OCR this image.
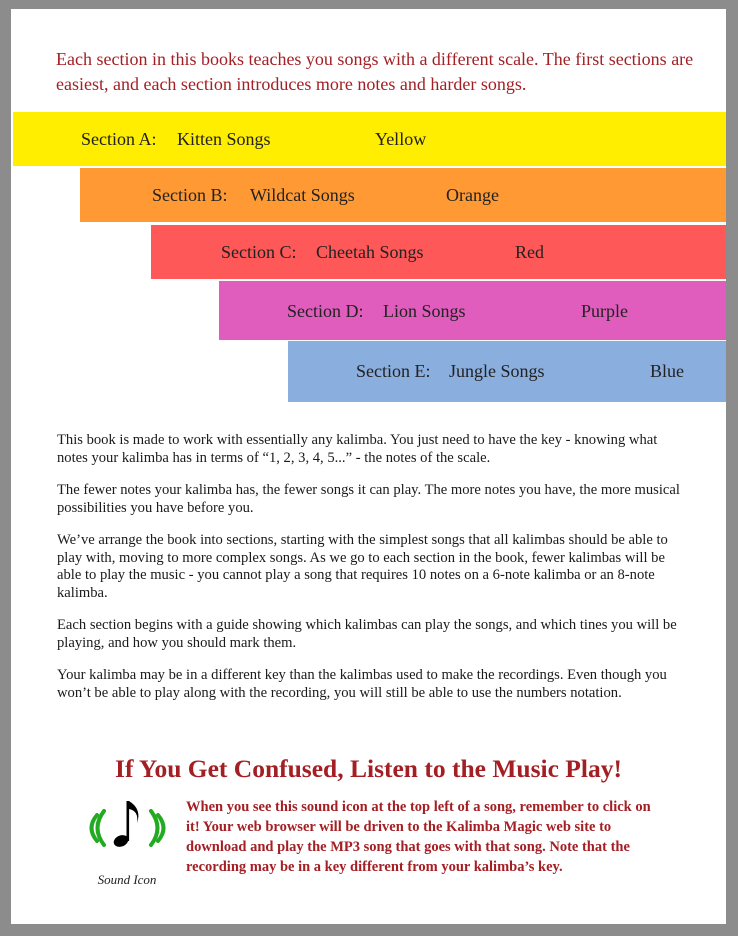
Each section in this books teaches you songs with a different scale. The first sections are easiest, and each section introduces more notes and harder songs.
Section A: Kitten Songs	Yellow
Section B: Wildcat Songs	Orange
Section C: Cheetah Songs	Red
Section D: Lion Songs	Purple
Section E: Jungle Songs	Blue

This book is made to work with essentially any kalimba. You just need to have the key - knowing what notes your kalimba has in terms of “1, 2, 3, 4, 5...” - the notes of the scale.

The fewer notes your kalimba has, the fewer songs it can play. The more notes you have, the more musical possibilities you have before you.

We’ve arrange the book into sections, starting with the simplest songs that all kalimbas should be able to play with, moving to more complex songs. As we go to each section in the book, fewer kalimbas will be able to play the music - you cannot play a song that requires 10 notes on a 6-note kalimba or an 8-note kalimba.

Each section begins with a guide showing which kalimbas can play the songs, and which tines you will be playing, and how you should mark them.

Your kalimba may be in a different key than the kalimbas used to make the recordings. Even though you won’t be able to play along with the recording, you will still be able to use the numbers notation.

If You Get Confused, Listen to the Music Play!
Sound Icon
When you see this sound icon at the top left of a song, remember to click on it! Your web browser will be driven to the Kalimba Magic web site to download and play the MP3 song that goes with that song. Note that the recording may be in a key different from your kalimba’s key.
